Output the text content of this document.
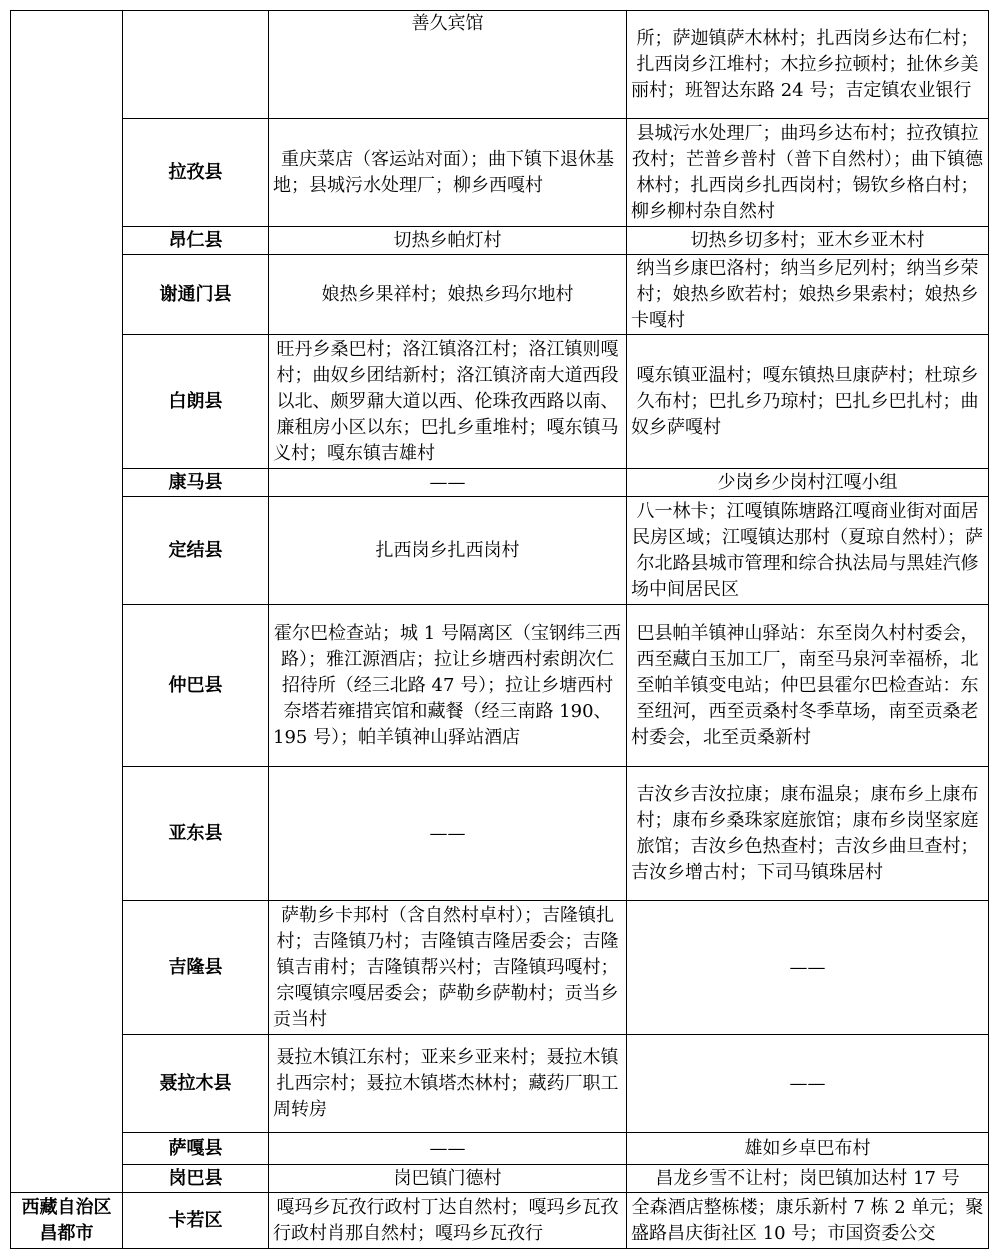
		善久宾馆	所；萨迦镇萨木林村；扎西岗乡达布仁村；扎西岗乡江堆村；木拉乡拉顿村；扯休乡美丽村；班智达东路 24 号；吉定镇农业银行
	拉孜县	重庆菜店（客运站对面）；曲下镇下退休基地；县城污水处理厂；柳乡西嘎村	县城污水处理厂；曲玛乡达布村；拉孜镇拉孜村；芒普乡普村（普下自然村）；曲下镇德林村；扎西岗乡扎西岗村；锡钦乡格白村；柳乡柳村杂自然村
	昂仁县	切热乡帕灯村	切热乡切多村；亚木乡亚木村
	谢通门县	娘热乡果祥村；娘热乡玛尔地村	纳当乡康巴洛村；纳当乡尼列村；纳当乡荣村；娘热乡欧若村；娘热乡果索村；娘热乡卡嘎村
	白朗县	旺丹乡桑巴村；洛江镇洛江村；洛江镇则嘎村；曲奴乡团结新村；洛江镇济南大道西段以北、颇罗鼐大道以西、伦珠孜西路以南、廉租房小区以东；巴扎乡重堆村；嘎东镇马义村；嘎东镇吉雄村	嘎东镇亚温村；嘎东镇热旦康萨村；杜琼乡久布村；巴扎乡乃琼村；巴扎乡巴扎村；曲奴乡萨嘎村
	康马县	——	少岗乡少岗村江嘎小组
	定结县	扎西岗乡扎西岗村	八一林卡；江嘎镇陈塘路江嘎商业街对面居民房区域；江嘎镇达那村（夏琼自然村）；萨尔北路县城市管理和综合执法局与黑娃汽修场中间居民区
	仲巴县	霍尔巴检查站；城 1 号隔离区（宝钢纬三西路）；雅江源酒店；拉让乡塘西村索朗次仁招待所（经三北路 47 号）；拉让乡塘西村奈塔若雍措宾馆和藏餐（经三南路 190、195 号）；帕羊镇神山驿站酒店	巴县帕羊镇神山驿站：东至岗久村村委会，西至藏白玉加工厂，南至马泉河幸福桥，北至帕羊镇变电站；仲巴县霍尔巴检查站：东至纽河，西至贡桑村冬季草场，南至贡桑老村委会，北至贡桑新村
	亚东县	——	吉汝乡吉汝拉康；康布温泉；康布乡上康布村；康布乡桑珠家庭旅馆；康布乡岗坚家庭旅馆；吉汝乡色热查村；吉汝乡曲旦查村；吉汝乡增古村；下司马镇珠居村
	吉隆县	萨勒乡卡邦村（含自然村卓村）；吉隆镇扎村；吉隆镇乃村；吉隆镇吉隆居委会；吉隆镇吉甫村；吉隆镇帮兴村；吉隆镇玛嘎村；宗嘎镇宗嘎居委会；萨勒乡萨勒村；贡当乡贡当村	——
	聂拉木县	聂拉木镇江东村；亚来乡亚来村；聂拉木镇扎西宗村；聂拉木镇塔杰林村；藏药厂职工周转房	——
	萨嘎县	——	雄如乡卓巴布村
	岗巴县	岗巴镇门德村	昌龙乡雪不让村；岗巴镇加达村 17 号
西藏自治区昌都市	卡若区	嘎玛乡瓦孜行政村丁达自然村；嘎玛乡瓦孜行政村肖那自然村；嘎玛乡瓦孜行	全森酒店整栋楼；康乐新村 7 栋 2 单元；聚盛路昌庆街社区 10 号；市国资委公交
